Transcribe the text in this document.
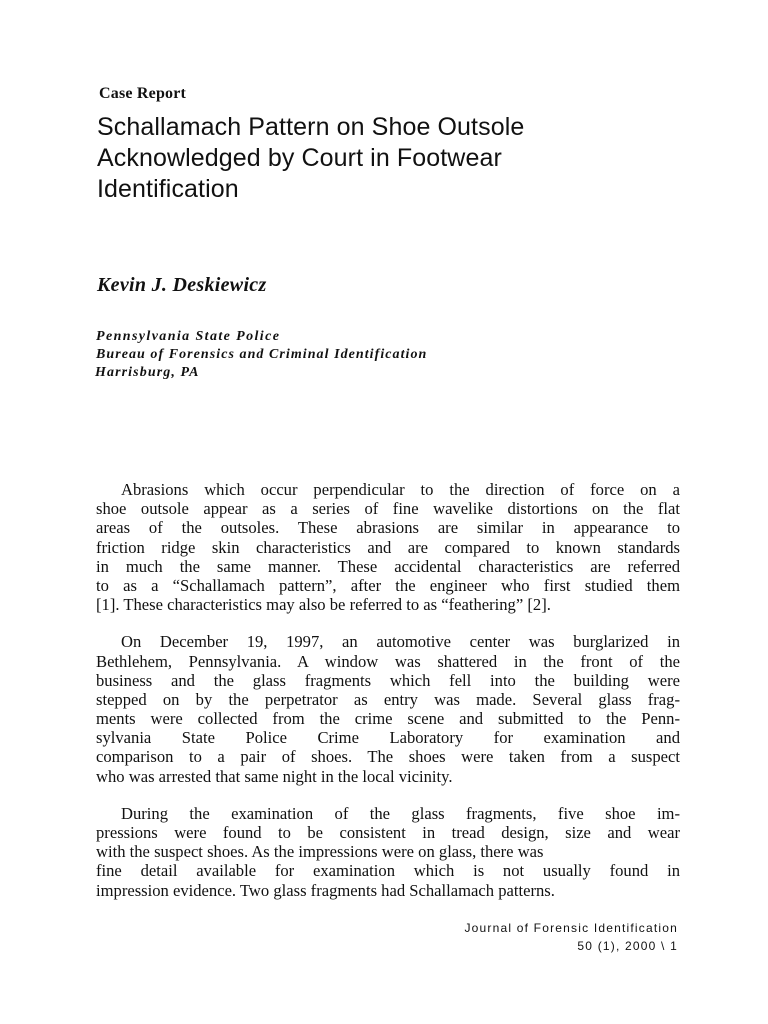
Case Report
Schallamach Pattern on Shoe Outsole
Acknowledged by Court in Footwear
Identification
Kevin J. Deskiewicz
Pennsylvania State Police
Bureau of Forensics and Criminal Identification
Harrisburg, PA

Abrasions which occur perpendicular to the direction of force on a
shoe outsole appear as a series of fine wavelike distortions on the flat
areas of the outsoles. These abrasions are similar in appearance to
friction ridge skin characteristics and are compared to known standards
in much the same manner. These accidental characteristics are referred
to as a “Schallamach pattern”, after the engineer who first studied them
[1]. These characteristics may also be referred to as “feathering” [2].

On December 19, 1997, an automotive center was burglarized in
Bethlehem, Pennsylvania. A window was shattered in the front of the
business and the glass fragments which fell into the building were
stepped on by the perpetrator as entry was made. Several glass frag-
ments were collected from the crime scene and submitted to the Penn-
sylvania State Police Crime Laboratory for examination and
comparison to a pair of shoes. The shoes were taken from a suspect
who was arrested that same night in the local vicinity.

During the examination of the glass fragments, five shoe im-
pressions were found to be consistent in tread design, size and wear
with the suspect shoes. As the impressions were on glass, there was
fine detail available for examination which is not usually found in
impression evidence. Two glass fragments had Schallamach patterns.

Journal of Forensic Identification
50 (1), 2000 \ 1
